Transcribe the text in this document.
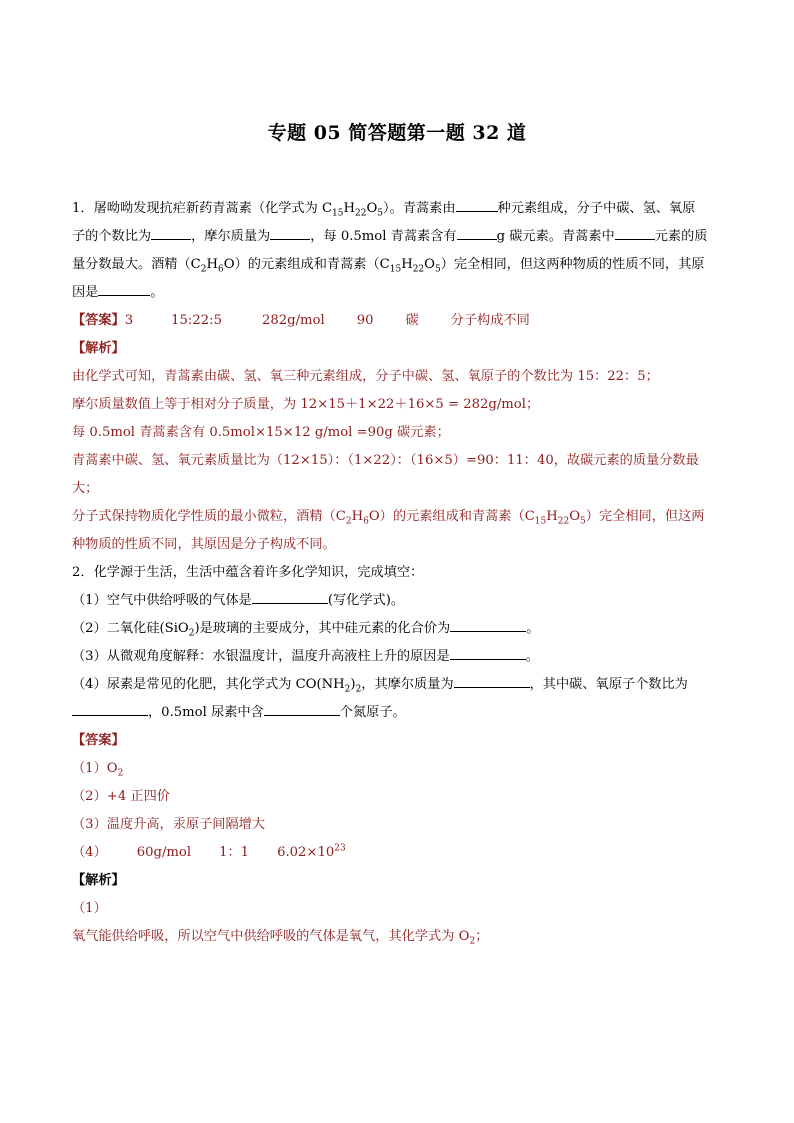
专题 05 简答题第一题 32 道
1．屠呦呦发现抗疟新药青蒿素（化学式为 $C_{15}H_{22}O_5$）。青蒿素由	种元素组成，分子中碳、氢、氧原
子的个数比为	，摩尔质量为	，每 0.5mol 青蒿素含有	g 碳元素。青蒿素中	元素的质
量分数最大。酒精$(C_2H_6O)$的元素组成和青蒿素$(C_{15}H_{22}O_5)$完全相同，但这两种物质的性质不同，其原
因是	。
【答案】3	15:22:5	282g/mol 90 碳 分子构成不同
【解析】
由化学式可知，青蒿素由碳、氢、氧三种元素组成，分子中碳、氢、氧原子的个数比为 15：22：5；
摩尔质量数值上等于相对分子质量，为 12×15＋1×22＋16×5 = 282g/mol；
每 0.5mol 青蒿素含有 0.5mol×15×12 g/mol =90g 碳元素；
青蒿素中碳、氢、氧元素质量比为（12×15）：（1×22）：（16×5）=90：11：40，故碳元素的质量分数最
大；
分子式保持物质化学性质的最小微粒，酒精$(C_2H_6O)$的元素组成和青蒿素$(C_{15}H_{22}O_5)$完全相同，但这两
种物质的性质不同，其原因是分子构成不同。
2．化学源于生活，生活中蕴含着许多化学知识，完成填空：
（1）空气中供给呼吸的气体是	(写化学式)。
（2）二氧化硅(SiO$_2$)是玻璃的主要成分，其中硅元素的化合价为	。
（3）从微观角度解释：水银温度计，温度升高液柱上升的原因是	。
（4）尿素是常见的化肥，其化学式为 $CO(NH_2)_2$，其摩尔质量为	，其中碳、氧原子个数比为
，0.5mol 尿素中含	个氮原子。
【答案】
$(1)O_2$
（2）+4 正四价
（3）温度升高，汞原子间隔增大
（4） 60g/mol 1：1 $6.02\times 10^{23}$
【解析】
（1）
氧气能供给呼吸，所以空气中供给呼吸的气体是氧气，其化学式为 $O_2$；
